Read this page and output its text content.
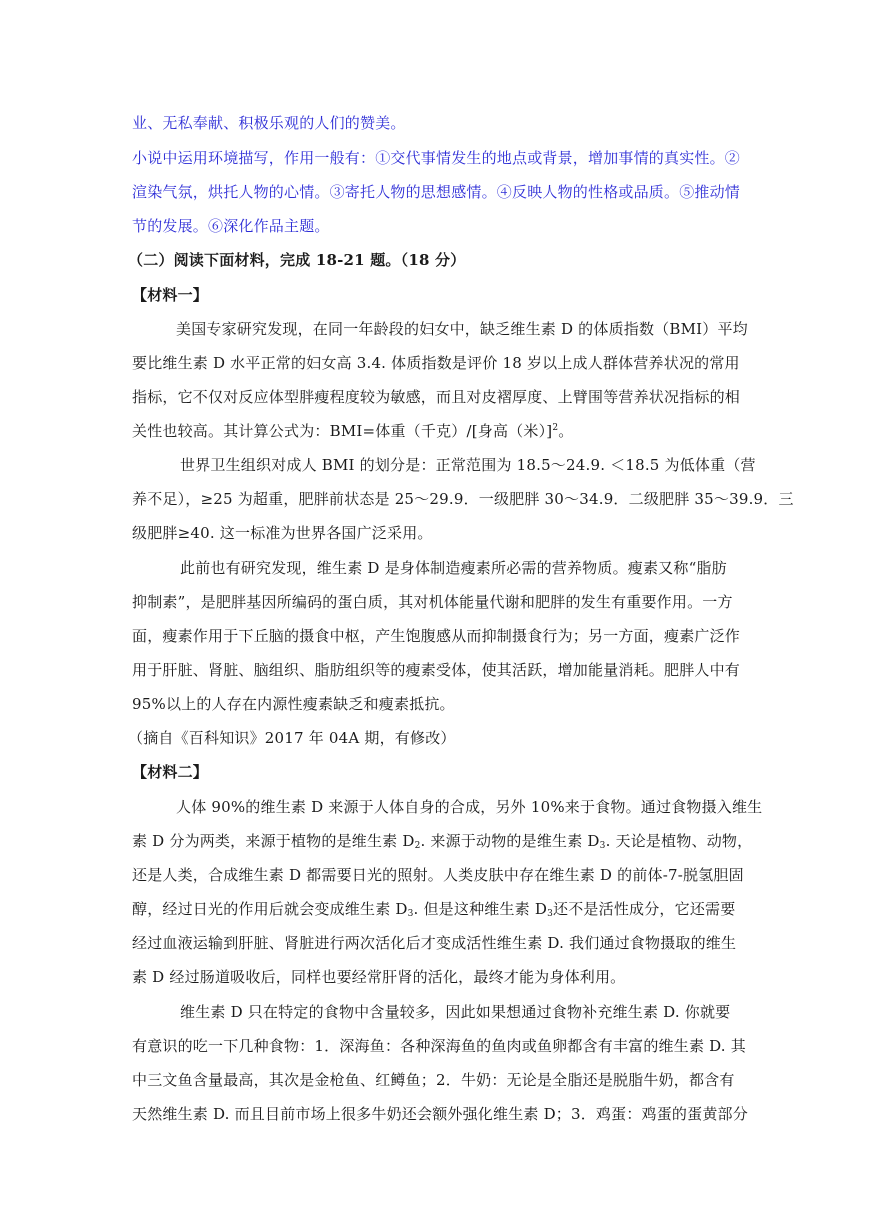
业、无私奉献、积极乐观的人们的赞美。
小说中运用环境描写，作用一般有：①交代事情发生的地点或背景，增加事情的真实性。②
渲染气氛，烘托人物的心情。③寄托人物的思想感情。④反映人物的性格或品质。⑤推动情
节的发展。⑥深化作品主题。
（二）阅读下面材料，完成 18-21 题。（18 分）
【材料一】
美国专家研究发现，在同一年龄段的妇女中，缺乏维生素 D 的体质指数（BMI）平均
要比维生素 D 水平正常的妇女高 3.4. 体质指数是评价 18 岁以上成人群体营养状况的常用
指标，它不仅对反应体型胖瘦程度较为敏感，而且对皮褶厚度、上臂围等营养状况指标的相
关性也较高。其计算公式为：BMI=体重（千克）/[身高（米）]$^2$。
世界卫生组织对成人 BMI 的划分是：正常范围为 18.5～24.9. ＜18.5 为低体重（营
养不足），≥25 为超重，肥胖前状态是 25～29.9．一级肥胖 30～34.9．二级肥胖 35～39.9．三
级肥胖≥40. 这一标准为世界各国广泛采用。
此前也有研究发现，维生素 D 是身体制造瘦素所必需的营养物质。瘦素又称“脂肪
抑制素”，是肥胖基因所编码的蛋白质，其对机体能量代谢和肥胖的发生有重要作用。一方
面，瘦素作用于下丘脑的摄食中枢，产生饱腹感从而抑制摄食行为；另一方面，瘦素广泛作
用于肝脏、肾脏、脑组织、脂肪组织等的瘦素受体，使其活跃，增加能量消耗。肥胖人中有
95%以上的人存在内源性瘦素缺乏和瘦素抵抗。
（摘自《百科知识》2017 年 04A 期，有修改）
【材料二】
人体 90%的维生素 D 来源于人体自身的合成，另外 10%来于食物。通过食物摄入维生
素 D 分为两类，来源于植物的是维生素 $D_2$. 来源于动物的是维生素 $D_3$. 天论是植物、动物，
还是人类，合成维生素 D 都需要日光的照射。人类皮肤中存在维生素 D 的前体-7-脱氢胆固
醇，经过日光的作用后就会变成维生素 $D_3$. 但是这种维生素 $D_3$还不是活性成分，它还需要
经过血液运输到肝脏、肾脏进行两次活化后才变成活性维生素 D. 我们通过食物摄取的维生
素 D 经过肠道吸收后，同样也要经常肝肾的活化，最终才能为身体利用。
维生素 D 只在特定的食物中含量较多，因此如果想通过食物补充维生素 D. 你就要
有意识的吃一下几种食物：1．深海鱼：各种深海鱼的鱼肉或鱼卵都含有丰富的维生素 D. 其
中三文鱼含量最高，其次是金枪鱼、红鳟鱼；2．牛奶：无论是全脂还是脱脂牛奶，都含有
天然维生素 D. 而且目前市场上很多牛奶还会额外强化维生素 D；3．鸡蛋：鸡蛋的蛋黄部分
